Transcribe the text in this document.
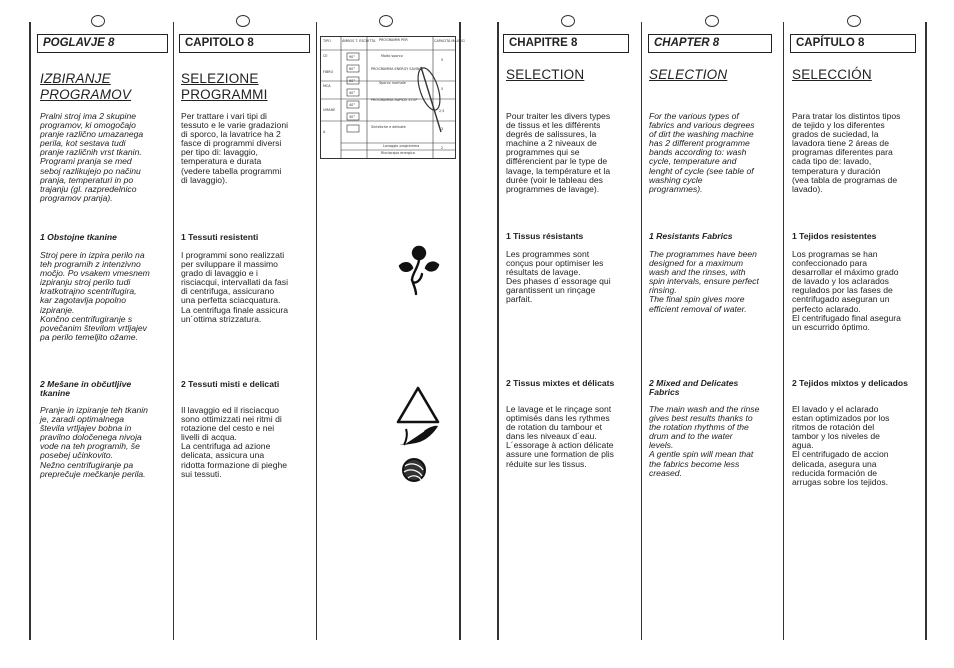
POGLAVJE 8
IZBIRANJE
PROGRAMOV
Pralni stroj ima 2 skupine
programov, ki omogočajo
pranje različno umazanega
perila, kot sestava tudi
pranje različnih vrst tkanin.
Programi pranja se med
seboj razlikujejo po načinu
pranja, temperaturi in po
trajanju (gl. razpredelnico
programov pranja).
1 Obstojne tkanine
Stroj pere in izpira perilo na
teh programih z intenzivno
močjo. Po vsakem vmesnem
izpiranju stroj perilo tudi
kratkotrajno scentrifugira,
kar zagotavlja popolno
izpiranje.
Končno centrifugiranje s
povečanim številom vrtljajev
pa perilo temeljito ožame.
2 Mešane in občutljive
tkanine
Pranje in izpiranje teh tkanin
je, zaradi optimalnega
števila vrtljajev bobna in
pravilno določenega nivoja
vode na teh programih, še
posebej učinkovito.
Nežno centrifugiranje pa
preprečuje mečkanje perila.
CAPITOLO 8
SELEZIONE
PROGRAMMI
Per trattare i vari tipi di
tessuto e le varie gradazioni
di sporco, la lavatrice ha 2
fasce di programmi diversi
per tipo di: lavaggio,
temperatura e durata
(vedere tabella programmi
di lavaggio).
1 Tessuti resistenti
I programmi sono realizzati
per sviluppare il massimo
grado di lavaggio e i
risciacqui, intervallati da fasi
di centrifuga, assicurano
una perfetta sciacquatura.
La centrifuga finale assicura
un´ottima strizzatura.
2 Tessuti misti e delicati
Il lavaggio ed il risciacquo
sono ottimizzati nei ritmi di
rotazione del cesto e nei
livelli di acqua.
La centrifuga ad azione
delicata, assicura una
ridotta formazione di pieghe
sui tessuti.
TIPO	ÁMBOS T. ESCRITTA PROGRAMMI PER	CAPACITÁ MAX KG
CE
FIBRO
MCA
UMAHE
A
90°
60°
60°
40°
40°
30°
Molto sporco
PROGRAMMA ENERGY SAVING
Sporco normale
PROGRAMMA RAPIDO STOP
Sintetiche e delicate
Lavaggio programma
Risciacquo energico
5
5
2,5
3
2
CHAPITRE 8
SELECTION
Pour traiter les divers types
de tissus et les différents
degrés de salissures, la
machine a 2 niveaux de
programmes qui se
différencient par le type de
lavage, la température et la
durée (voir le tableau des
programmes de lavage).
1 Tissus résistants
Les programmes sont
conçus pour optimiser les
résultats de lavage.
Des phases d´essorage qui
garantissent un rinçage
parfait.
2 Tissus mixtes et délicats
Le lavage et le rinçage sont
optimisés dans les rythmes
de rotation du tambour et
dans les niveaux d´eau.
L´essorage à action délicate
assure une formation de plis
réduite sur les tissus.
CHAPTER 8
SELECTION
For the various types of
fabrics and various degrees
of dirt the washing machine
has 2 different programme
bands according to: wash
cycle, temperature and
lenght of cycle (see table of
washing cycle
programmes).
1 Resistants Fabrics
The programmes have been
designed for a maximum
wash and the rinses, with
spin intervals, ensure perfect
rinsing.
The final spin gives more
efficient removal of water.
2 Mixed and Delicates
Fabrics
The main wash and the rinse
gives best results thanks to
the rotation rhythms of the
drum and to the water
levels.
A gentle spin will mean that
the fabrics become less
creased.
CAPÍTULO 8
SELECCIÓN
Para tratar los distintos tipos
de tejido y los diferentes
grados de suciedad, la
lavadora tiene 2 áreas de
programas diferentes para
cada tipo de: lavado,
temperatura y duración
(vea tabla de programas de
lavado).
1 Tejidos resistentes
Los programas se han
confeccionado para
desarrollar el máximo grado
de lavado y los aclarados
regulados por las fases de
centrifugado aseguran un
perfecto aclarado.
El centrifugado final asegura
un escurrido óptimo.
2 Tejidos mixtos y delicados
El lavado y el aclarado
estan optimizados por los
ritmos de rotación del
tambor y los niveles de
agua.
El centrifugado de accion
delicada, asegura una
reducida formación de
arrugas sobre los tejidos.
